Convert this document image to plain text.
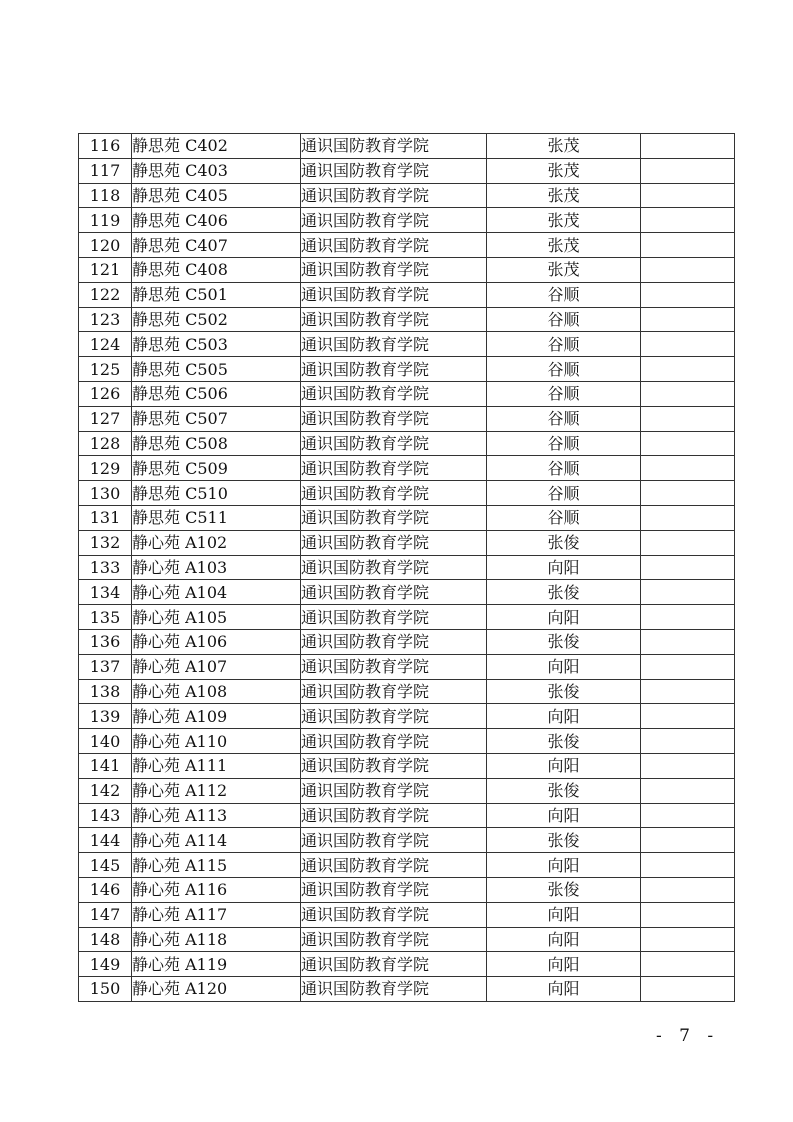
116	静思苑 C402	通识国防教育学院	张茂	
117	静思苑 C403	通识国防教育学院	张茂	
118	静思苑 C405	通识国防教育学院	张茂	
119	静思苑 C406	通识国防教育学院	张茂	
120	静思苑 C407	通识国防教育学院	张茂	
121	静思苑 C408	通识国防教育学院	张茂	
122	静思苑 C501	通识国防教育学院	谷顺	
123	静思苑 C502	通识国防教育学院	谷顺	
124	静思苑 C503	通识国防教育学院	谷顺	
125	静思苑 C505	通识国防教育学院	谷顺	
126	静思苑 C506	通识国防教育学院	谷顺	
127	静思苑 C507	通识国防教育学院	谷顺	
128	静思苑 C508	通识国防教育学院	谷顺	
129	静思苑 C509	通识国防教育学院	谷顺	
130	静思苑 C510	通识国防教育学院	谷顺	
131	静思苑 C511	通识国防教育学院	谷顺	
132	静心苑 A102	通识国防教育学院	张俊	
133	静心苑 A103	通识国防教育学院	向阳	
134	静心苑 A104	通识国防教育学院	张俊	
135	静心苑 A105	通识国防教育学院	向阳	
136	静心苑 A106	通识国防教育学院	张俊	
137	静心苑 A107	通识国防教育学院	向阳	
138	静心苑 A108	通识国防教育学院	张俊	
139	静心苑 A109	通识国防教育学院	向阳	
140	静心苑 A110	通识国防教育学院	张俊	
141	静心苑 A111	通识国防教育学院	向阳	
142	静心苑 A112	通识国防教育学院	张俊	
143	静心苑 A113	通识国防教育学院	向阳	
144	静心苑 A114	通识国防教育学院	张俊	
145	静心苑 A115	通识国防教育学院	向阳	
146	静心苑 A116	通识国防教育学院	张俊	
147	静心苑 A117	通识国防教育学院	向阳	
148	静心苑 A118	通识国防教育学院	向阳	
149	静心苑 A119	通识国防教育学院	向阳	
150	静心苑 A120	通识国防教育学院	向阳	
- 7 -
